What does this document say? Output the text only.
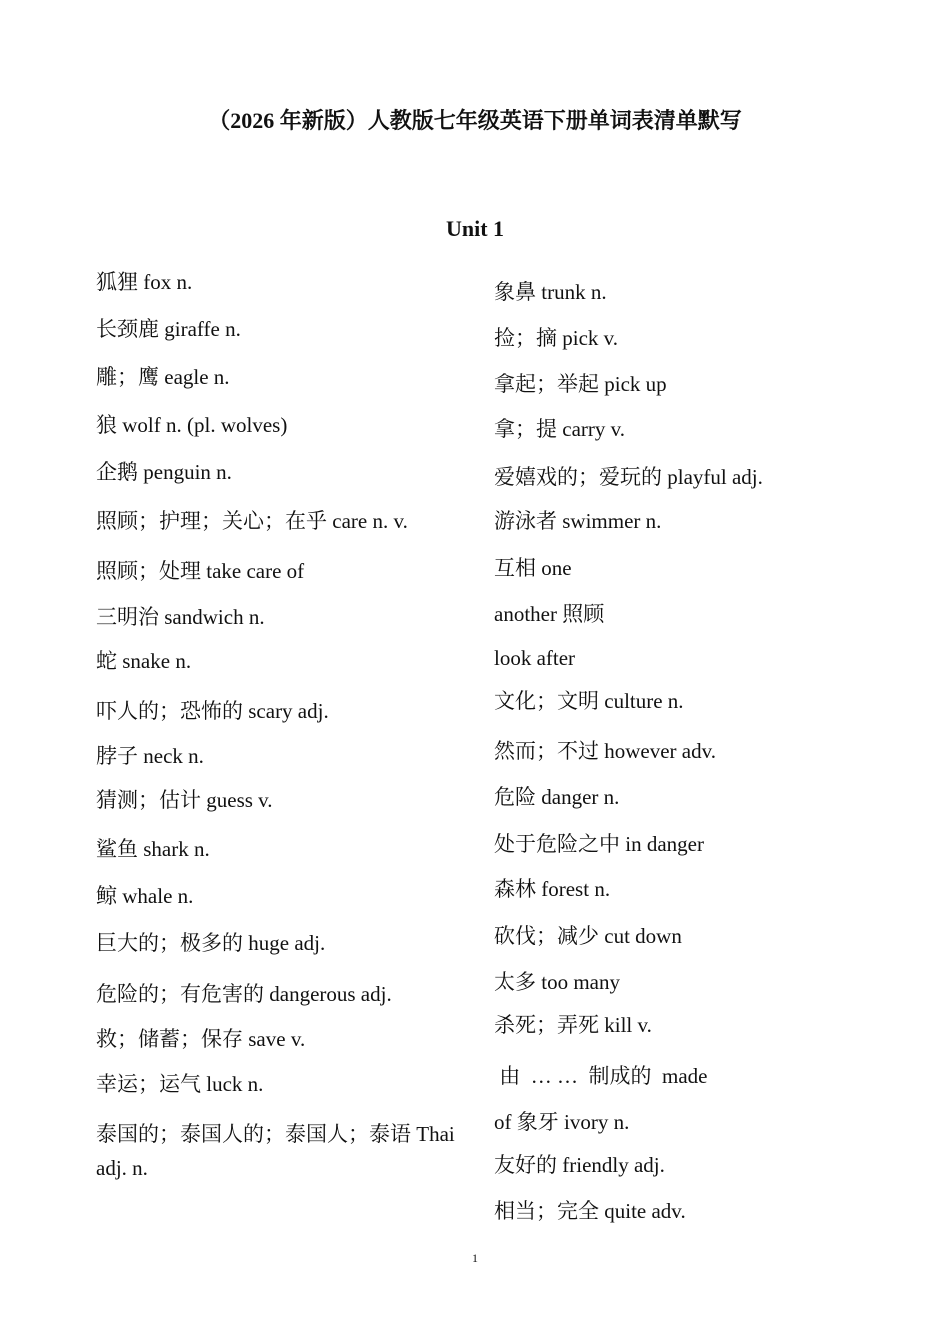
（2026 年新版）人教版七年级英语下册单词表清单默写
Unit 1
狐狸 fox n.
长颈鹿 giraffe n.
雕；鹰 eagle n.
狼 wolf n. (pl. wolves)
企鹅 penguin n.
照顾；护理；关心；在乎 care n. v.
照顾；处理 take care of
三明治 sandwich n.
蛇 snake n.
吓人的；恐怖的 scary adj.
脖子 neck n.
猜测；估计 guess v.
鲨鱼 shark n.
鲸 whale n.
巨大的；极多的 huge adj.
危险的；有危害的 dangerous adj.
救；储蓄；保存 save v.
幸运；运气 luck n.
泰国的；泰国人的；泰国人；泰语 Thai adj. n.
象鼻 trunk n.
捡；摘 pick v.
拿起；举起 pick up
拿；提 carry v.
爱嬉戏的；爱玩的 playful adj.
游泳者 swimmer n.
互相 one
another 照顾
look after
文化；文明 culture n.
然而；不过 however adv.
危险 danger n.
处于危险之中 in danger
森林 forest n.
砍伐；减少 cut down
太多 too many
杀死；弄死 kill v.
由  … …  制成的  made
of 象牙 ivory n.
友好的 friendly adj.
相当；完全 quite adv.
1
